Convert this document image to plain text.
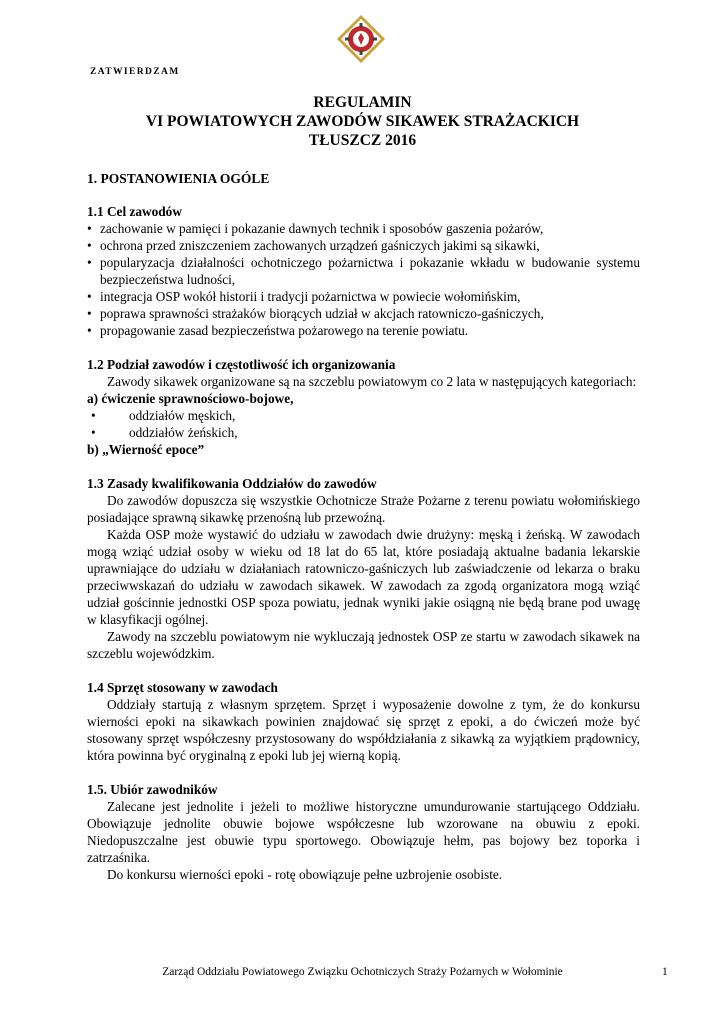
ZATWIERDZAM
REGULAMIN
VI POWIATOWYCH ZAWODÓW SIKAWEK STRAŻACKICH
TŁUSZCZ 2016

1. POSTANOWIENIA OGÓLE

1.1 Cel zawodów

• zachowanie w pamięci i pokazanie dawnych technik i sposobów gaszenia pożarów,
• ochrona przed zniszczeniem zachowanych urządzeń gaśniczych jakimi są sikawki,
• popularyzacja działalności ochotniczego pożarnictwa i pokazanie wkładu w budowanie systemu bezpieczeństwa ludności,
• integracja OSP wokół historii i tradycji pożarnictwa w powiecie wołomińskim,
• poprawa sprawności strażaków biorących udział w akcjach ratowniczo-gaśniczych,
• propagowanie zasad bezpieczeństwa pożarowego na terenie powiatu.

1.2 Podział zawodów i częstotliwość ich organizowania

Zawody sikawek organizowane są na szczeblu powiatowym co 2 lata w następujących kategoriach:

a) ćwiczenie sprawnościowo-bojowe,

•	oddziałów męskich,

•	oddziałów żeńskich,

b) „Wierność epoce”

1.3 Zasady kwalifikowania Oddziałów do zawodów

Do zawodów dopuszcza się wszystkie Ochotnicze Straże Pożarne z terenu powiatu wołomińskiego posiadające sprawną sikawkę przenośną lub przewoźną.

Każda OSP może wystawić do udziału w zawodach dwie drużyny: męską i żeńską. W zawodach mogą wziąć udział osoby w wieku od 18 lat do 65 lat, które posiadają aktualne badania lekarskie uprawniające do udziału w działaniach ratowniczo-gaśniczych lub zaświadczenie od lekarza o braku przeciwwskazań do udziału w zawodach sikawek. W zawodach za zgodą organizatora mogą wziąć udział gościnnie jednostki OSP spoza powiatu, jednak wyniki jakie osiągną nie będą brane pod uwagę w klasyfikacji ogólnej.

Zawody na szczeblu powiatowym nie wykluczają jednostek OSP ze startu w zawodach sikawek na szczeblu wojewódzkim.

1.4 Sprzęt stosowany w zawodach

Oddziały startują z własnym sprzętem. Sprzęt i wyposażenie dowolne z tym, że do konkursu wierności epoki na sikawkach powinien znajdować się sprzęt z epoki, a do ćwiczeń może być stosowany sprzęt współczesny przystosowany do współdziałania z sikawką za wyjątkiem prądownicy, która powinna być oryginalną z epoki lub jej wierną kopią.

1.5. Ubiór zawodników

Zalecane jest jednolite i jeżeli to możliwe historyczne umundurowanie startującego Oddziału. Obowiązuje jednolite obuwie bojowe współczesne lub wzorowane na obuwiu z epoki. Niedopuszczalne jest obuwie typu sportowego. Obowiązuje hełm, pas bojowy bez toporka i zatrzaśnika.

Do konkursu wierności epoki - rotę obowiązuje pełne uzbrojenie osobiste.

Zarząd Oddziału Powiatowego Związku Ochotniczych Straży Pożarnych w Wołominie	1
